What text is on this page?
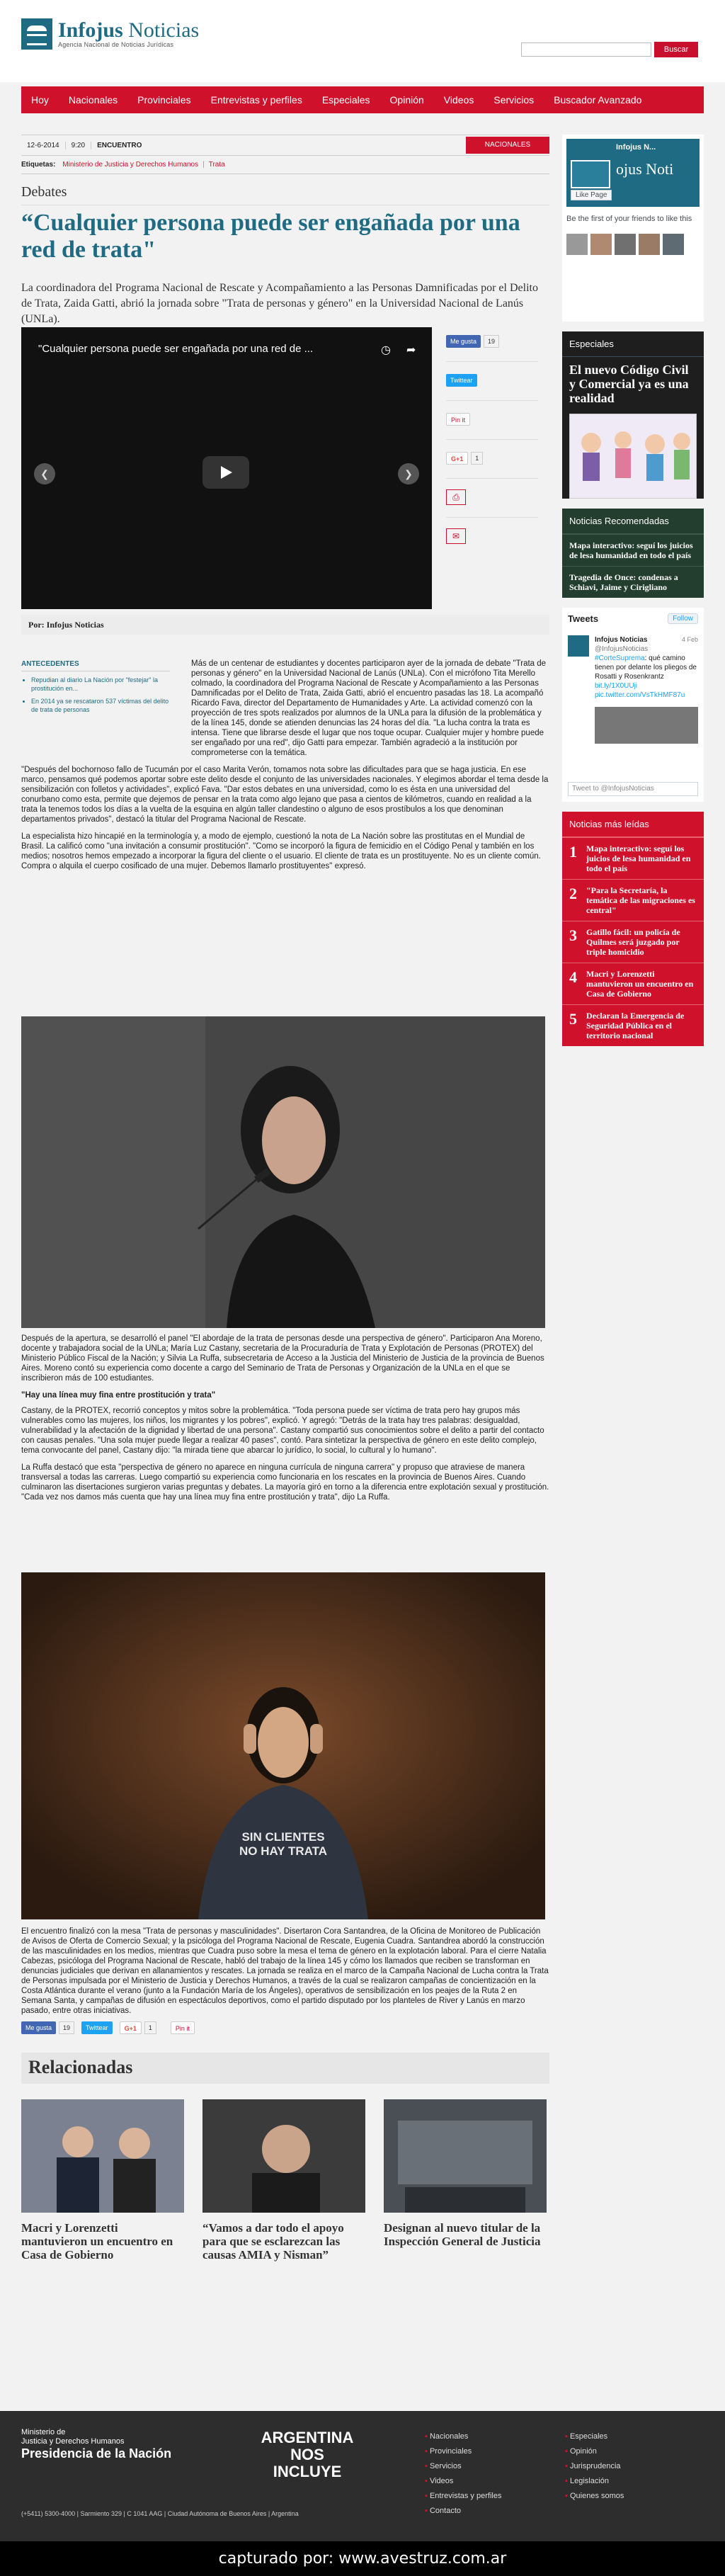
Infojus Noticias
Agencia Nacional de Noticias Jurídicas
Buscar
Hoy	Nacionales	Provinciales	Entrevistas y perfiles	Especiales	Opinión	Videos	Servicios	Buscador Avanzado
12-6-2014	9:20	ENCUENTRO	NACIONALES
Etiquetas: Ministerio de Justicia y Derechos Humanos | Trata
Debates
“Cualquier persona puede ser engañada por una red de trata"

La coordinadora del Programa Nacional de Rescate y Acompañamiento a las Personas Damnificadas por el Delito de Trata, Zaida Gatti, abrió la jornada sobre "Trata de personas y género" en la Universidad Nacional de Lanús (UNLa).

"Cualquier persona puede ser engañada por una red de ...	◷ ➦
❮	❯
Me gusta	19
Twittear
Pin it
G+1	1
⎙
✉
Por: Infojus Noticias
ANTECEDENTES
• Repudian al diario La Nación por "festejar" la prostitución en...
• En 2014 ya se rescataron 537 víctimas del delito de trata de personas

Más de un centenar de estudiantes y docentes participaron ayer de la jornada de debate "Trata de personas y género" en la Universidad Nacional de Lanús (UNLa). Con el micrófono Tita Merello colmado, la coordinadora del Programa Nacional de Rescate y Acompañamiento a las Personas Damnificadas por el Delito de Trata, Zaida Gatti, abrió el encuentro pasadas las 18. La acompañó Ricardo Fava, director del Departamento de Humanidades y Arte. La actividad comenzó con la proyección de tres spots realizados por alumnos de la UNLa para la difusión de la problemática y de la línea 145, donde se atienden denuncias las 24 horas del día. "La lucha contra la trata es intensa. Tiene que librarse desde el lugar que nos toque ocupar. Cualquier mujer y hombre puede ser engañado por una red", dijo Gatti para empezar. También agradeció a la institución por comprometerse con la temática.

"Después del bochornoso fallo de Tucumán por el caso Marita Verón, tomamos nota sobre las dificultades para que se haga justicia. En ese marco, pensamos qué podemos aportar sobre este delito desde el conjunto de las universidades nacionales. Y elegimos abordar el tema desde la sensibilización con folletos y actividades", explicó Fava. "Dar estos debates en una universidad, como lo es ésta en una universidad del conurbano como esta, permite que dejemos de pensar en la trata como algo lejano que pasa a cientos de kilómetros, cuando en realidad a la trata la tenemos todos los días a la vuelta de la esquina en algún taller clandestino o alguno de esos prostíbulos a los que denominan departamentos privados", destacó la titular del Programa Nacional de Rescate.

La especialista hizo hincapié en la terminología y, a modo de ejemplo, cuestionó la nota de La Nación sobre las prostitutas en el Mundial de Brasil. La calificó como "una invitación a consumir prostitución". "Como se incorporó la figura de femicidio en el Código Penal y también en los medios; nosotros hemos empezado a incorporar la figura del cliente o el usuario. El cliente de trata es un prostituyente. No es un cliente común. Compra o alquila el cuerpo cosificado de una mujer. Debemos llamarlo prostituyentes" expresó.

Después de la apertura, se desarrolló el panel "El abordaje de la trata de personas desde una perspectiva de género". Participaron Ana Moreno, docente y trabajadora social de la UNLa; María Luz Castany, secretaria de la Procuraduría de Trata y Explotación de Personas (PROTEX) del Ministerio Público Fiscal de la Nación; y Silvia La Ruffa, subsecretaria de Acceso a la Justicia del Ministerio de Justicia de la provincia de Buenos Aires. Moreno contó su experiencia como docente a cargo del Seminario de Trata de Personas y Organización de la UNLa en el que se inscribieron más de 100 estudiantes.

"Hay una línea muy fina entre prostitución y trata"

Castany, de la PROTEX, recorrió conceptos y mitos sobre la problemática. "Toda persona puede ser víctima de trata pero hay grupos más vulnerables como las mujeres, los niños, los migrantes y los pobres", explicó. Y agregó: "Detrás de la trata hay tres palabras: desigualdad, vulnerabilidad y la afectación de la dignidad y libertad de una persona". Castany compartió sus conocimientos sobre el delito a partir del contacto con causas penales. "Una sola mujer puede llegar a realizar 40 pases", contó. Para sintetizar la perspectiva de género en este delito complejo, tema convocante del panel, Castany dijo: "la mirada tiene que abarcar lo jurídico, lo social, lo cultural y lo humano".

La Ruffa destacó que esta "perspectiva de género no aparece en ninguna currícula de ninguna carrera" y propuso que atraviese de manera transversal a todas las carreras. Luego compartió su experiencia como funcionaria en los rescates en la provincia de Buenos Aires. Cuando culminaron las disertaciones surgieron varias preguntas y debates. La mayoría giró en torno a la diferencia entre explotación sexual y prostitución. "Cada vez nos damos más cuenta que hay una línea muy fina entre prostitución y trata", dijo La Ruffa.

SIN CLIENTES
NO HAY TRATA

El encuentro finalizó con la mesa "Trata de personas y masculinidades". Disertaron Cora Santandrea, de la Oficina de Monitoreo de Publicación de Avisos de Oferta de Comercio Sexual; y la psicóloga del Programa Nacional de Rescate, Eugenia Cuadra. Santandrea abordó la construcción de las masculinidades en los medios, mientras que Cuadra puso sobre la mesa el tema de género en la explotación laboral. Para el cierre Natalia Cabezas, psicóloga del Programa Nacional de Rescate, habló del trabajo de la línea 145 y cómo los llamados que reciben se transforman en denuncias judiciales que derivan en allanamientos y rescates. La jornada se realiza en el marco de la Campaña Nacional de Lucha contra la Trata de Personas impulsada por el Ministerio de Justicia y Derechos Humanos, a través de la cual se realizaron campañas de concientización en la Costa Atlántica durante el verano (junto a la Fundación María de los Ángeles), operativos de sensibilización en los peajes de la Ruta 2 en Semana Santa, y campañas de difusión en espectáculos deportivos, como el partido disputado por los planteles de River y Lanús en marzo pasado, entre otras iniciativas.

Me gusta	19	Twittear	G+1	1	Pin it
Relacionadas
Macri y Lorenzetti mantuvieron un encuentro en Casa de Gobierno
“Vamos a dar todo el apoyo para que se esclarezcan las causas AMIA y Nisman”
Designan al nuevo titular de la Inspección General de Justicia
Infojus N...
ojus Noti
Like Page
Be the first of your friends to like this
Especiales
El nuevo Código Civil y Comercial ya es una realidad
Noticias Recomendadas
Mapa interactivo: seguí los juicios de lesa humanidad en todo el país
Tragedia de Once: condenas a Schiavi, Jaime y Cirigliano
Tweets	Follow
4 Feb
Infojus Noticias
@InfojusNoticias
#CorteSuprema: qué camino tienen por delante los pliegos de Rosatti y Rosenkrantz
bit.ly/1X0UUji
pic.twitter.com/VsTkHMF87u
Tweet to @InfojusNoticias
Noticias más leídas
1	Mapa interactivo: seguí los juicios de lesa humanidad en todo el país
2	"Para la Secretaría, la temática de las migraciones es central"
3	Gatillo fácil: un policía de Quilmes será juzgado por triple homicidio
4	Macri y Lorenzetti mantuvieron un encuentro en Casa de Gobierno
5	Declaran la Emergencia de Seguridad Pública en el territorio nacional
Ministerio de
Justicia y Derechos Humanos
Presidencia de la Nación
ARGENTINA NOS INCLUYE
(+5411) 5300-4000 | Sarmiento 329 | C 1041 AAG | Ciudad Autónoma de Buenos Aires | Argentina
▪ Nacionales
▪ Provinciales
▪ Servicios
▪ Videos
▪ Entrevistas y perfiles
▪ Contacto
▪ Especiales
▪ Opinión
▪ Jurisprudencia
▪ Legislación
▪ Quienes somos
capturado por: www.avestruz.com.ar
